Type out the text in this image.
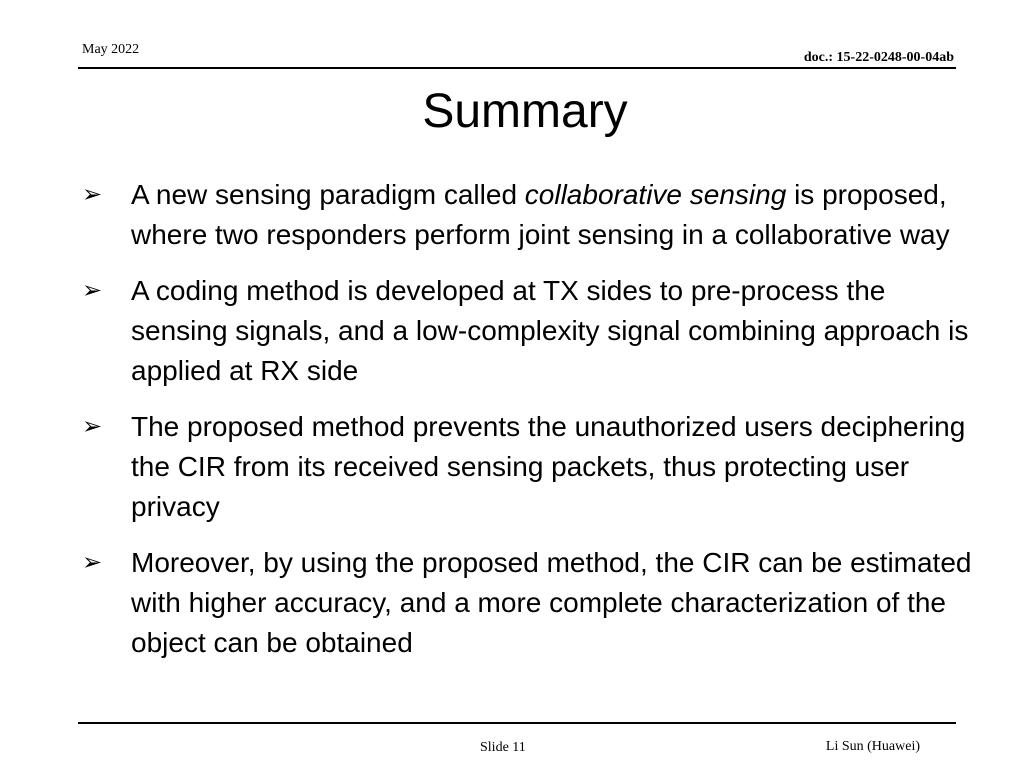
May 2022
doc.: 15-22-0248-00-04ab
Summary
➢ A new sensing paradigm called collaborative sensing is proposed, where two responders perform joint sensing in a collaborative way
➢ A coding method is developed at TX sides to pre-process the sensing signals, and a low-complexity signal combining approach is applied at RX side
➢ The proposed method prevents the unauthorized users deciphering the CIR from its received sensing packets, thus protecting user privacy
➢ Moreover, by using the proposed method, the CIR can be estimated with higher accuracy, and a more complete characterization of the object can be obtained
Slide 11	Li Sun (Huawei)
